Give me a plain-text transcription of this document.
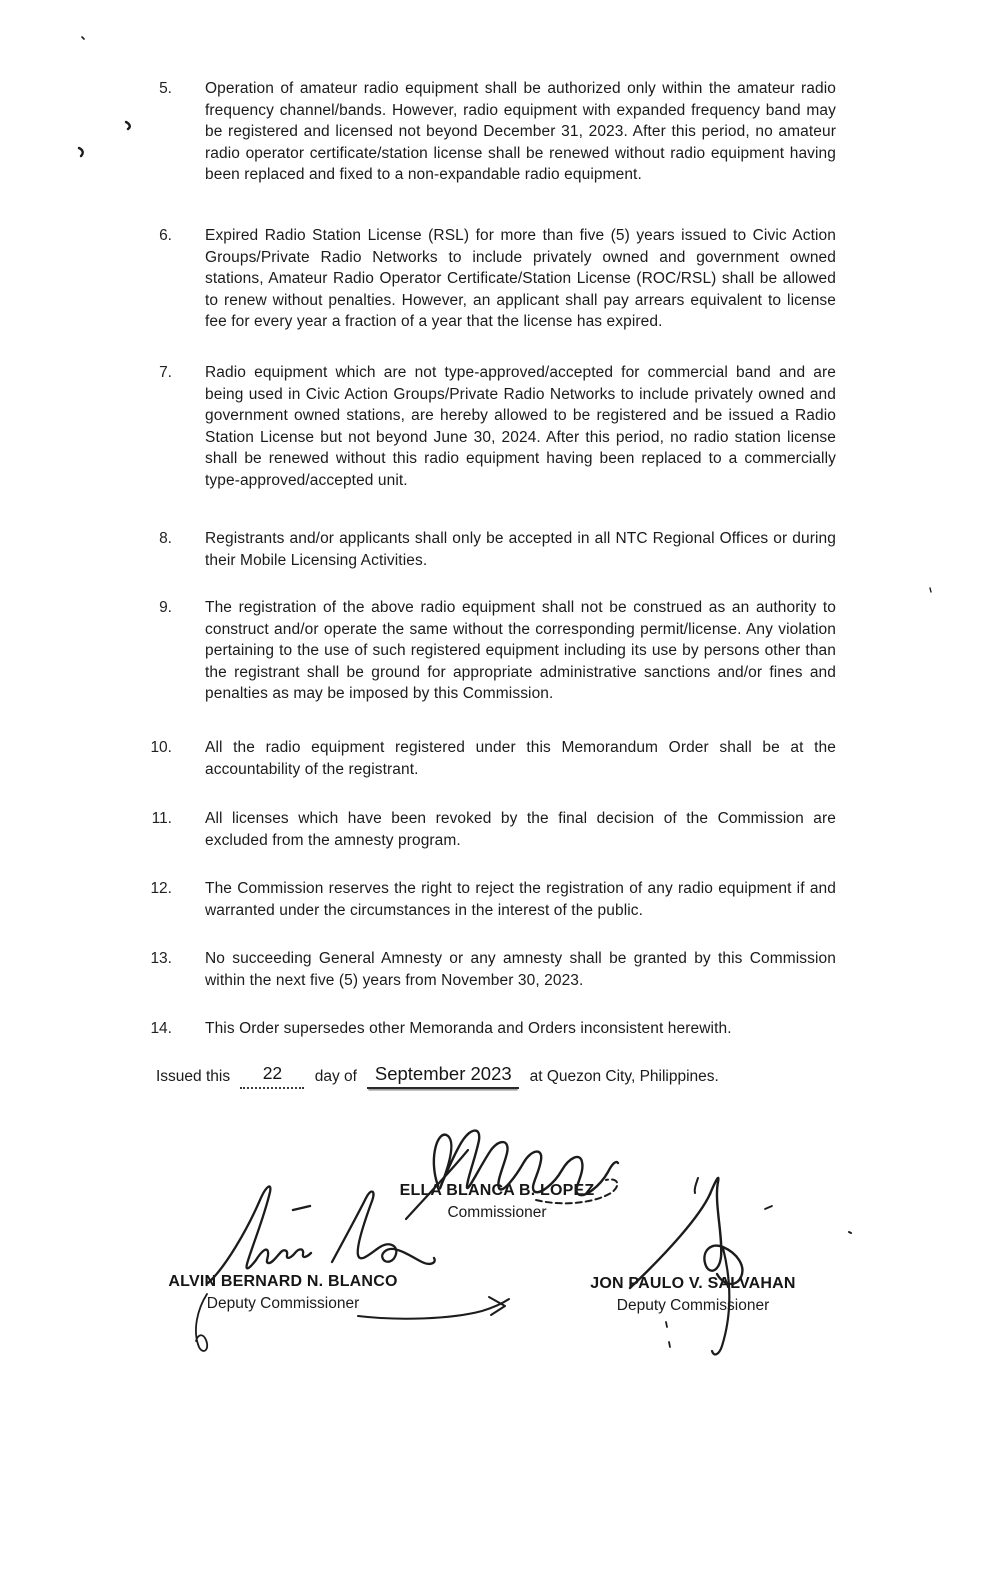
5. Operation of amateur radio equipment shall be authorized only within the amateur radio frequency channel/bands. However, radio equipment with expanded frequency band may be registered and licensed not beyond December 31, 2023. After this period, no amateur radio operator certificate/station license shall be renewed without radio equipment having been replaced and fixed to a non-expandable radio equipment.
6. Expired Radio Station License (RSL) for more than five (5) years issued to Civic Action Groups/Private Radio Networks to include privately owned and government owned stations, Amateur Radio Operator Certificate/Station License (ROC/RSL) shall be allowed to renew without penalties. However, an applicant shall pay arrears equivalent to license fee for every year a fraction of a year that the license has expired.
7. Radio equipment which are not type-approved/accepted for commercial band and are being used in Civic Action Groups/Private Radio Networks to include privately owned and government owned stations, are hereby allowed to be registered and be issued a Radio Station License but not beyond June 30, 2024. After this period, no radio station license shall be renewed without this radio equipment having been replaced to a commercially type-approved/accepted unit.
8. Registrants and/or applicants shall only be accepted in all NTC Regional Offices or during their Mobile Licensing Activities.
9. The registration of the above radio equipment shall not be construed as an authority to construct and/or operate the same without the corresponding permit/license. Any violation pertaining to the use of such registered equipment including its use by persons other than the registrant shall be ground for appropriate administrative sanctions and/or fines and penalties as may be imposed by this Commission.
10. All the radio equipment registered under this Memorandum Order shall be at the accountability of the registrant.
11. All licenses which have been revoked by the final decision of the Commission are excluded from the amnesty program.
12. The Commission reserves the right to reject the registration of any radio equipment if and warranted under the circumstances in the interest of the public.
13. No succeeding General Amnesty or any amnesty shall be granted by this Commission within the next five (5) years from November 30, 2023.
14. This Order supersedes other Memoranda and Orders inconsistent herewith.
Issued this 22 day of September 2023 at Quezon City, Philippines.
ELLA BLANCA B. LOPEZ
Commissioner
ALVIN BERNARD N. BLANCO
Deputy Commissioner
JON PAULO V. SALVAHAN
Deputy Commissioner
